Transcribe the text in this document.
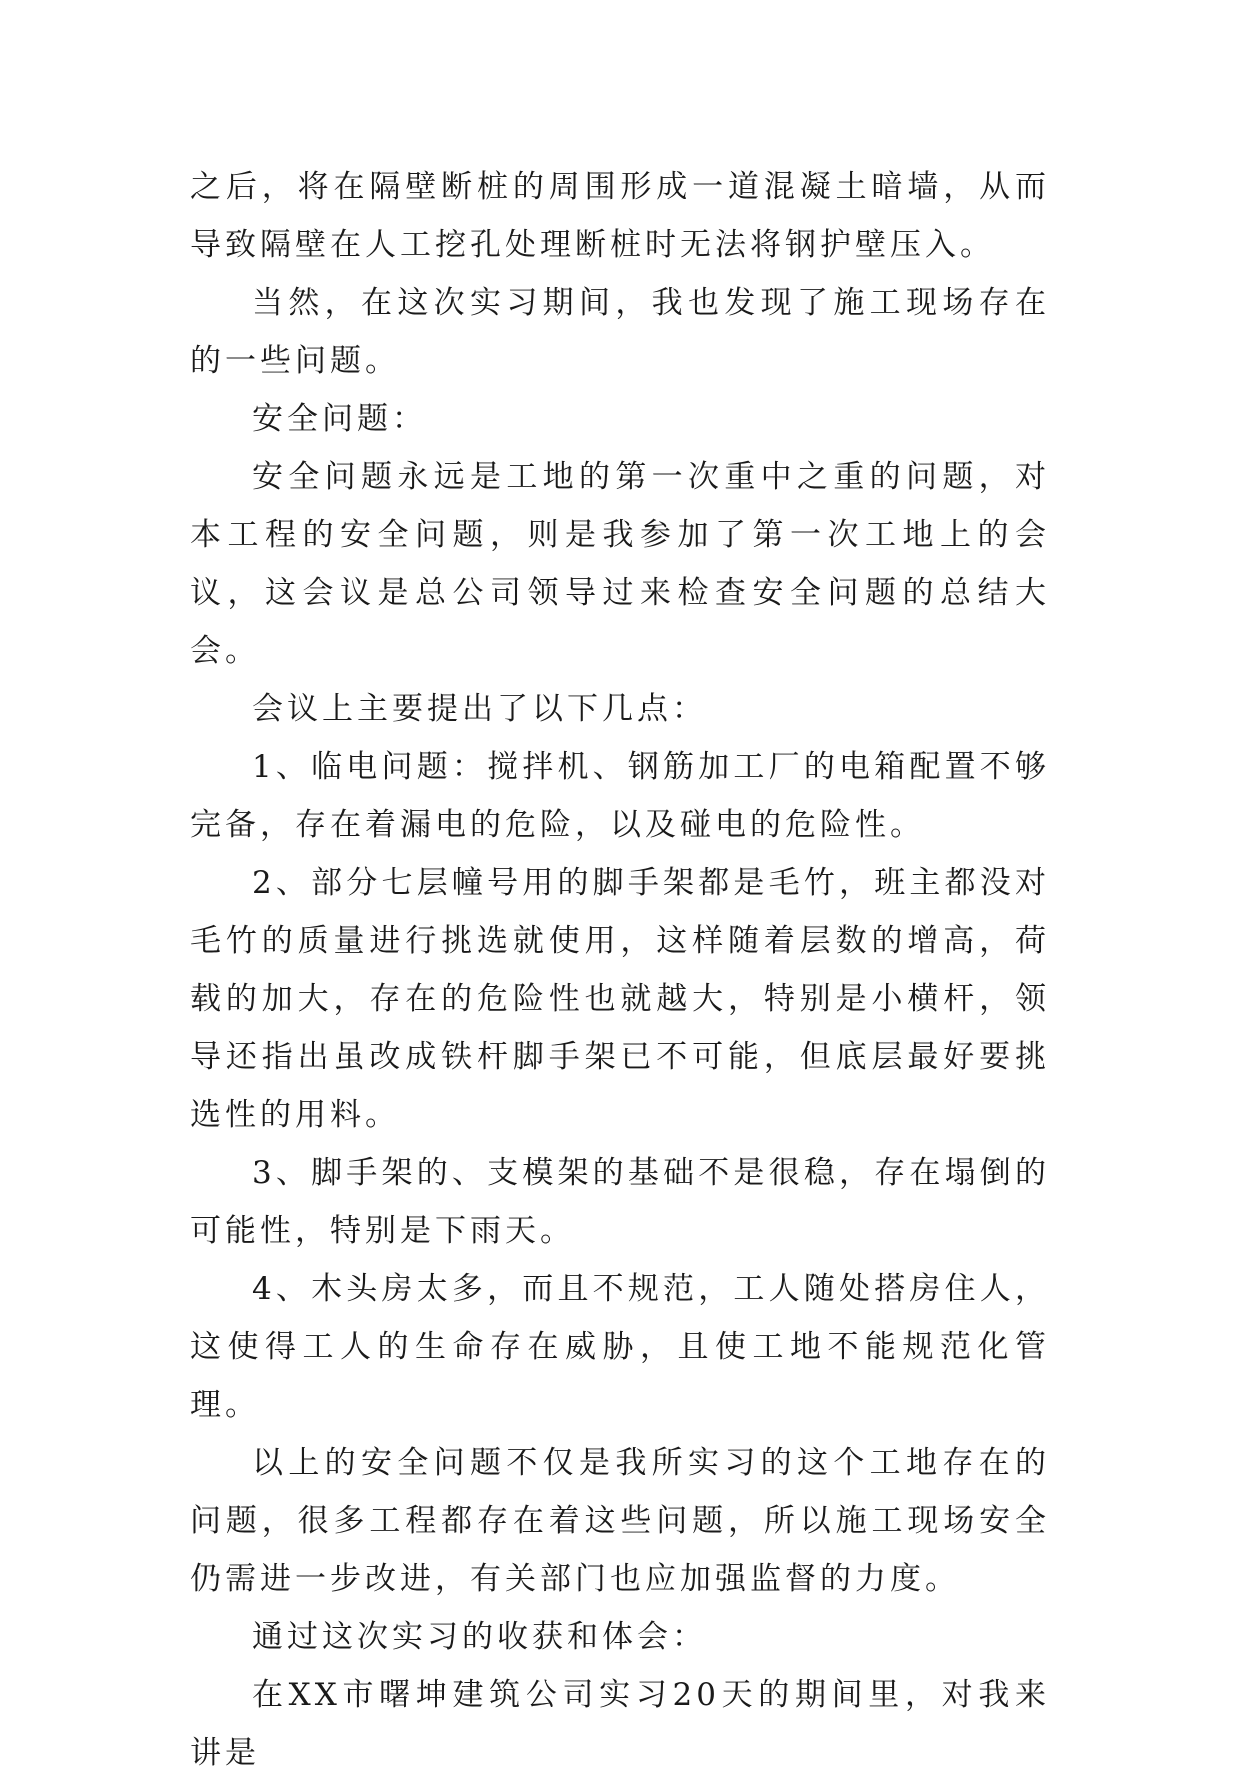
之后，将在隔壁断桩的周围形成一道混凝土暗墙，从而导致隔壁在人工挖孔处理断桩时无法将钢护壁压入。

当然，在这次实习期间，我也发现了施工现场存在的一些问题。

安全问题：

安全问题永远是工地的第一次重中之重的问题，对本工程的安全问题，则是我参加了第一次工地上的会议，这会议是总公司领导过来检查安全问题的总结大会。

会议上主要提出了以下几点：

1、临电问题：搅拌机、钢筋加工厂的电箱配置不够完备，存在着漏电的危险，以及碰电的危险性。

2、部分七层幢号用的脚手架都是毛竹，班主都没对毛竹的质量进行挑选就使用，这样随着层数的增高，荷载的加大，存在的危险性也就越大，特别是小横杆，领导还指出虽改成铁杆脚手架已不可能，但底层最好要挑选性的用料。

3、脚手架的、支模架的基础不是很稳，存在塌倒的可能性，特别是下雨天。

4、木头房太多，而且不规范，工人随处搭房住人，这使得工人的生命存在威胁，且使工地不能规范化管理。

以上的安全问题不仅是我所实习的这个工地存在的问题，很多工程都存在着这些问题，所以施工现场安全仍需进一步改进，有关部门也应加强监督的力度。

通过这次实习的收获和体会：

在XX市曙坤建筑公司实习20天的期间里，对我来讲是
